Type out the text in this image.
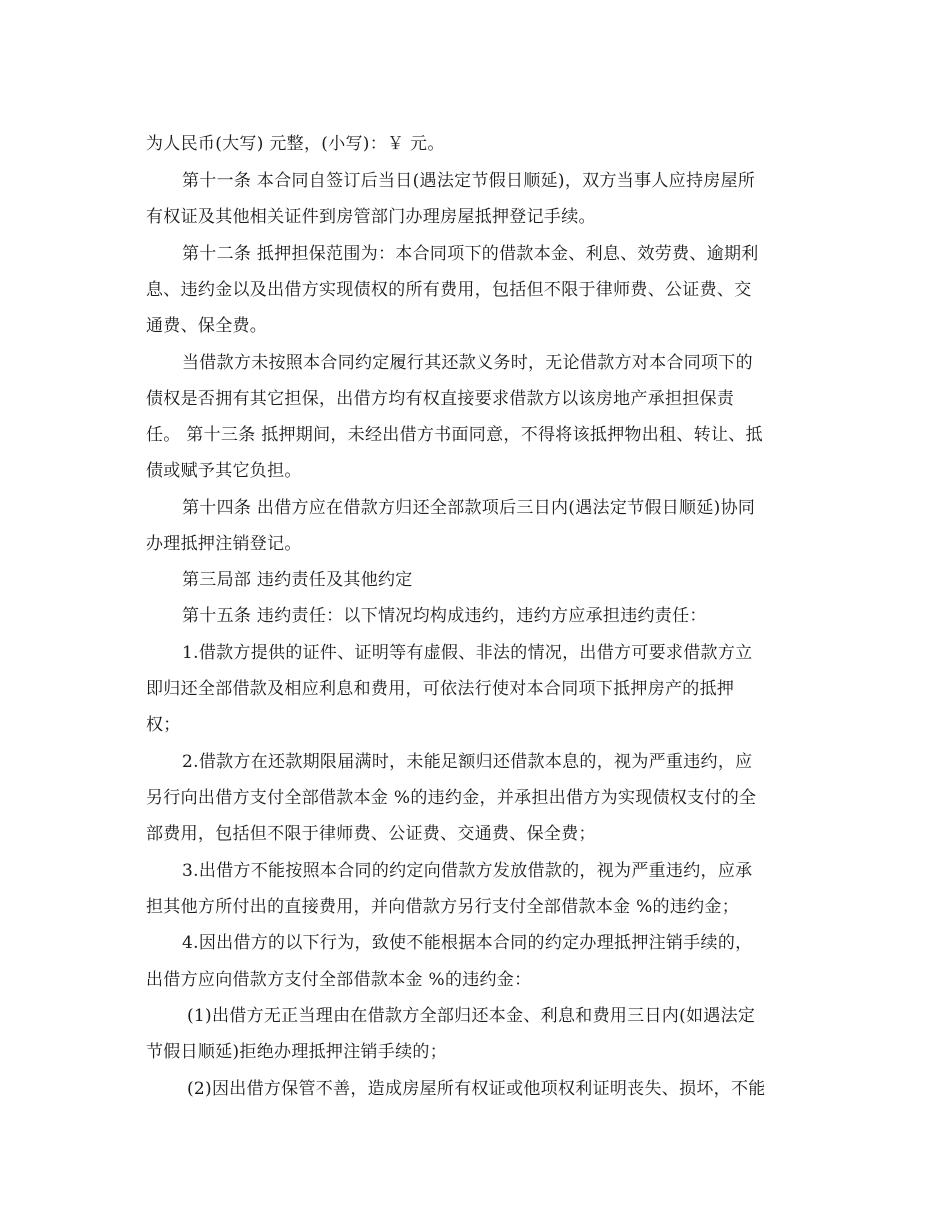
为人民币(大写) 元整，(小写)：￥ 元。
第十一条 本合同自签订后当日(遇法定节假日顺延)，双方当事人应持房屋所
有权证及其他相关证件到房管部门办理房屋抵押登记手续。
第十二条 抵押担保范围为：本合同项下的借款本金、利息、效劳费、逾期利
息、违约金以及出借方实现债权的所有费用，包括但不限于律师费、公证费、交
通费、保全费。
当借款方未按照本合同约定履行其还款义务时，无论借款方对本合同项下的
债权是否拥有其它担保，出借方均有权直接要求借款方以该房地产承担担保责
任。 第十三条 抵押期间，未经出借方书面同意，不得将该抵押物出租、转让、抵
债或赋予其它负担。
第十四条 出借方应在借款方归还全部款项后三日内(遇法定节假日顺延)协同
办理抵押注销登记。
第三局部 违约责任及其他约定
第十五条 违约责任：以下情况均构成违约，违约方应承担违约责任：
1.借款方提供的证件、证明等有虚假、非法的情况，出借方可要求借款方立
即归还全部借款及相应利息和费用，可依法行使对本合同项下抵押房产的抵押
权；
2.借款方在还款期限届满时，未能足额归还借款本息的，视为严重违约，应
另行向出借方支付全部借款本金 %的违约金，并承担出借方为实现债权支付的全
部费用，包括但不限于律师费、公证费、交通费、保全费；
3.出借方不能按照本合同的约定向借款方发放借款的，视为严重违约，应承
担其他方所付出的直接费用，并向借款方另行支付全部借款本金 %的违约金；
4.因出借方的以下行为，致使不能根据本合同的约定办理抵押注销手续的，
出借方应向借款方支付全部借款本金 %的违约金：
(1)出借方无正当理由在借款方全部归还本金、利息和费用三日内(如遇法定
节假日顺延)拒绝办理抵押注销手续的；
(2)因出借方保管不善，造成房屋所有权证或他项权利证明丧失、损坏，不能
